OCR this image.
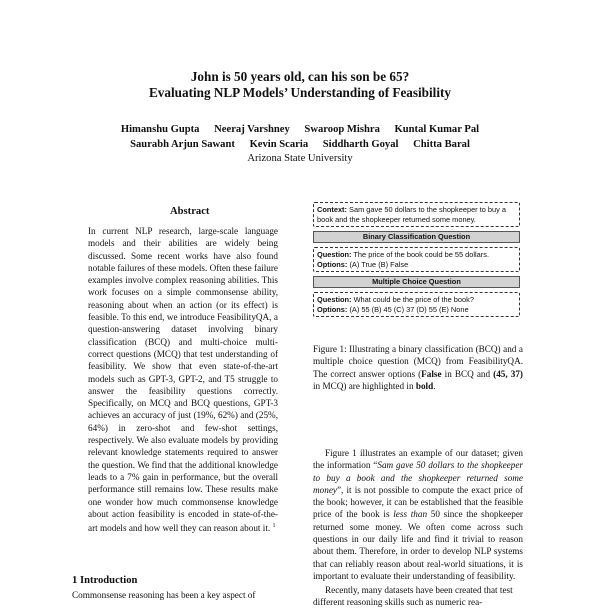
John is 50 years old, can his son be 65?
Evaluating NLP Models’ Understanding of Feasibility
Himanshu Gupta Neeraj Varshney Swaroop Mishra Kuntal Kumar Pal
Saurabh Arjun Sawant Kevin Scaria Siddharth Goyal Chitta Baral
Arizona State University
Abstract
In current NLP research, large-scale language models and their abilities are widely being discussed. Some recent works have also found notable failures of these models. Often these failure examples involve complex reasoning abilities. This work focuses on a simple commonsense ability, reasoning about when an action (or its effect) is feasible. To this end, we introduce FeasibilityQA, a question-answering dataset involving binary classification (BCQ) and multi-choice multi-correct questions (MCQ) that test understanding of feasibility. We show that even state-of-the-art models such as GPT-3, GPT-2, and T5 struggle to answer the feasibility questions correctly. Specifically, on MCQ and BCQ questions, GPT-3 achieves an accuracy of just (19%, 62%) and (25%, 64%) in zero-shot and few-shot settings, respectively. We also evaluate models by providing relevant knowledge statements required to answer the question. We find that the additional knowledge leads to a 7% gain in performance, but the overall performance still remains low. These results make one wonder how much commonsense knowledge about action feasibility is encoded in state-of-the-art models and how well they can reason about it. $^1$
1 Introduction
Commonsense reasoning has been a key aspect of
Context: Sam gave 50 dollars to the shopkeeper to buy a book and the shopkeeper returned some money.
Binary Classification Question
Question: The price of the book could be 55 dollars.
Options: (A) True (B) False
Multiple Choice Question
Question: What could be the price of the book?
Options: (A) 55 (B) 45 (C) 37 (D) 55 (E) None
Figure 1: Illustrating a binary classification (BCQ) and a multiple choice question (MCQ) from FeasibilityQA. The correct answer options (False in BCQ and (45, 37) in MCQ) are highlighted in bold.
Figure 1 illustrates an example of our dataset; given the information “Sam gave 50 dollars to the shopkeeper to buy a book and the shopkeeper returned some money”, it is not possible to compute the exact price of the book; however, it can be established that the feasible price of the book is less than 50 since the shopkeeper returned some money. We often come across such questions in our daily life and find it trivial to reason about them. Therefore, in order to develop NLP systems that can reliably reason about real-world situations, it is important to evaluate their understanding of feasibility.
Recently, many datasets have been created that test different reasoning skills such as numeric rea-
